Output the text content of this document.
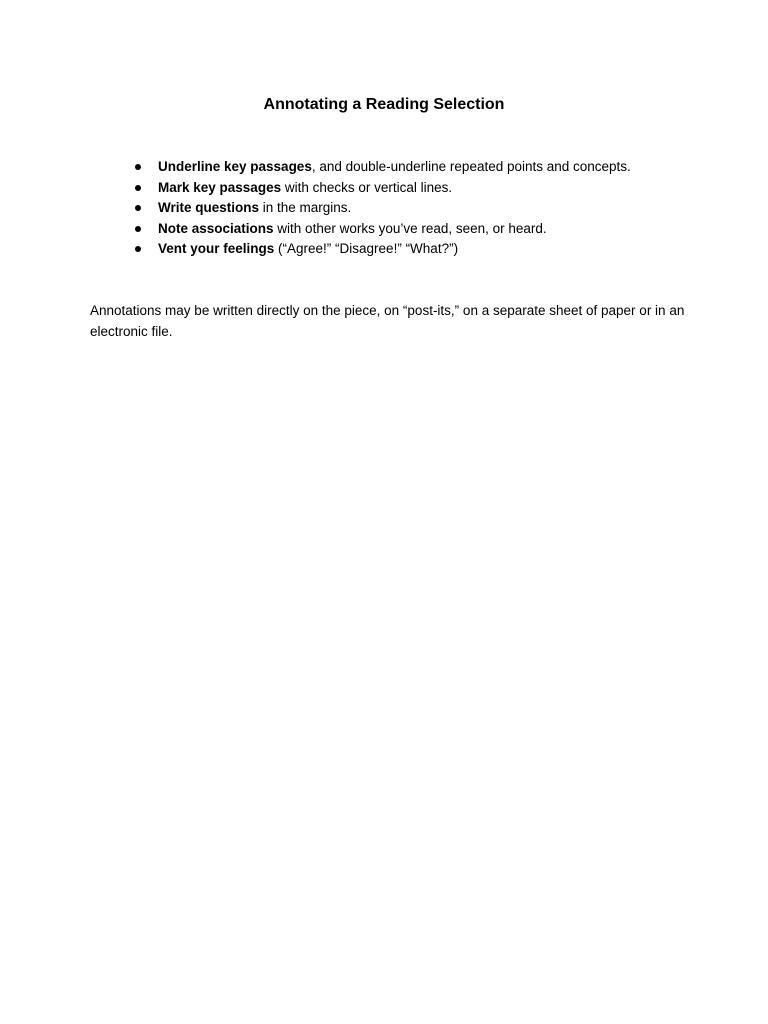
Annotating a Reading Selection
Underline key passages, and double-underline repeated points and concepts.
Mark key passages with checks or vertical lines.
Write questions in the margins.
Note associations with other works you’ve read, seen, or heard.
Vent your feelings (“Agree!” “Disagree!” “What?”)

Annotations may be written directly on the piece, on “post-its,” on a separate sheet of paper or in an electronic file.
